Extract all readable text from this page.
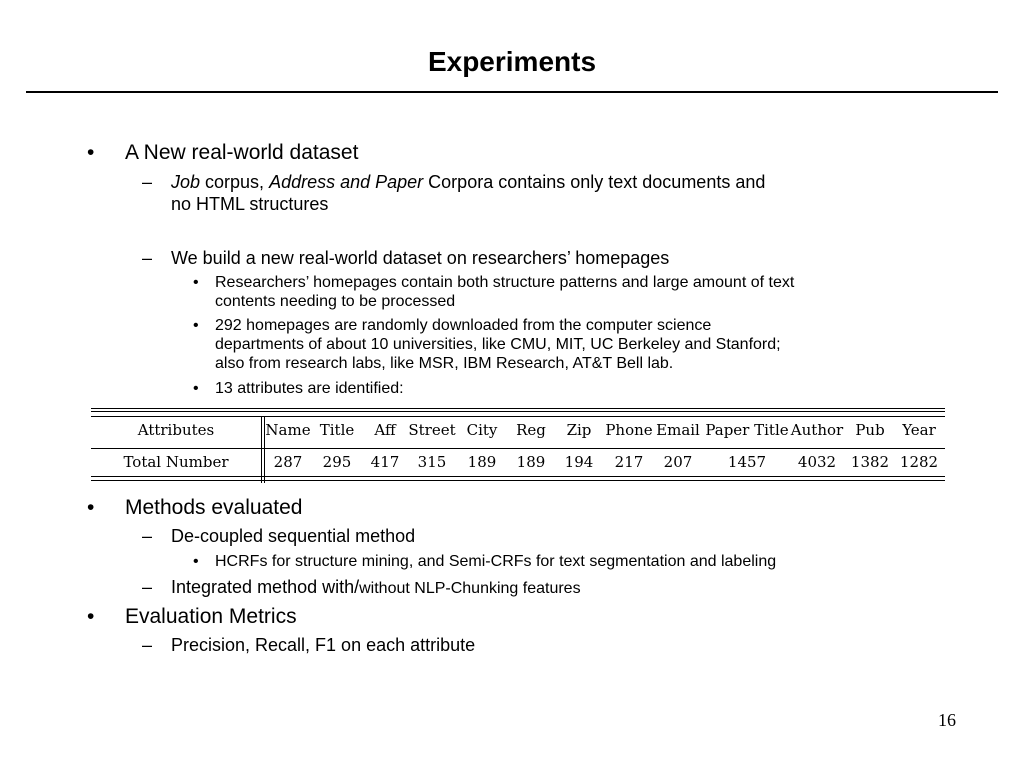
Experiments
• A New real-world dataset
– Job corpus, Address and Paper Corpora contains only text documents and
no HTML structures
– We build a new real-world dataset on researchers’ homepages
• Researchers’ homepages contain both structure patterns and large amount of text
contents needing to be processed
• 292 homepages are randomly downloaded from the computer science
departments of about 10 universities, like CMU, MIT, UC Berkeley and Stanford;
also from research labs, like MSR, IBM Research, AT&T Bell lab.
• 13 attributes are identified:
Attributes
Total Number
Name
287
Title
295
Aff
417
Street
315
City
189
Reg
189
Zip
194
Phone
217
Email
207
Paper Title
1457
Author
4032
Pub
1382
Year
1282
• Methods evaluated
– De-coupled sequential method
• HCRFs for structure mining, and Semi-CRFs for text segmentation and labeling
– Integrated method with/without NLP-Chunking features
• Evaluation Metrics
– Precision, Recall, F1 on each attribute
16
